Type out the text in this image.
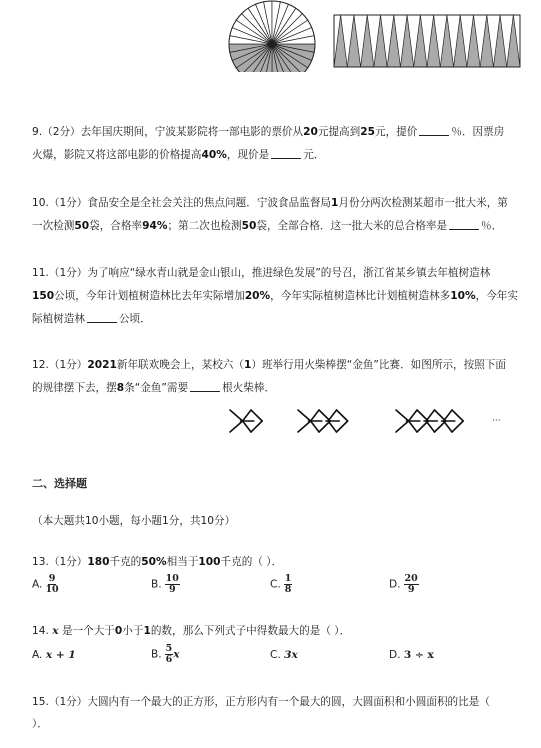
9.（2分）去年国庆期间，宁波某影院将一部电影的票价从20元提高到25元，提价	％．因票房
火爆，影院又将这部电影的价格提高40%，现价是	元．
10.（1分）食品安全是全社会关注的焦点问题．宁波食品监督局1月份分两次检测某超市一批大米，第
一次检测50袋，合格率94%；第二次也检测50袋，全部合格．这一批大米的总合格率是	％．
11.（1分）为了响应“绿水青山就是金山银山，推进绿色发展”的号召，浙江省某乡镇去年植树造林
150公顷，今年计划植树造林比去年实际增加20%，今年实际植树造林比计划植树造林多10%，今年实
际植树造林	公顷．
12.（1分）2021新年联欢晚会上，某校六（1）班举行用火柴棒摆“金鱼”比赛．如图所示，按照下面
的规律摆下去，摆8条“金鱼”需要	根火柴棒．
···
二、选择题
（本大题共10小题，每小题1分，共10分）
13.（1分）180千克的50%相当于100千克的（ ）．
A. $\frac{9}{10}$	B. $\frac{10}{9}$	C. $\frac{1}{8}$	D. $\frac{20}{9}$
14. x 是一个大于0小于1的数，那么下列式子中得数最大的是（ ）．
A. x + 1	B. $\frac{5}{6}$ x	C. 3x	D. 3 ÷ x
15.（1分）大圆内有一个最大的正方形，正方形内有一个最大的圆，大圆面积和小圆面积的比是（
）．
